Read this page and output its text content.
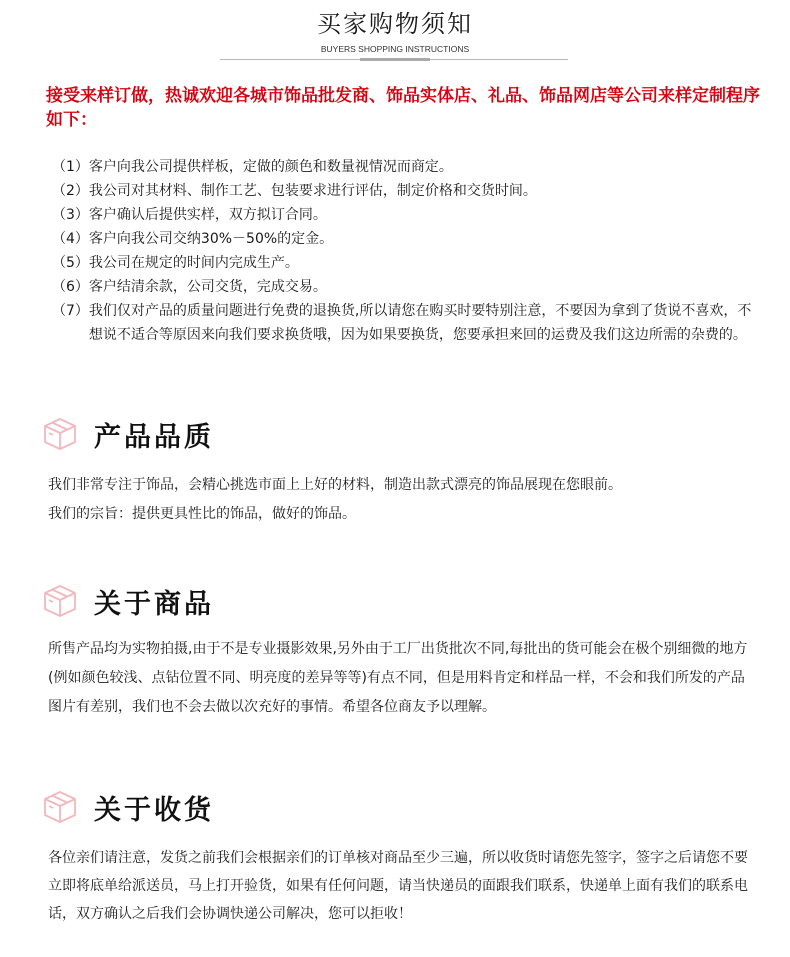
买家购物须知
BUYERS SHOPPING INSTRUCTIONS
接受来样订做，热诚欢迎各城市饰品批发商、饰品实体店、礼品、饰品网店等公司来样定制程序如下：
（1） 客户向我公司提供样板，定做的颜色和数量视情况而商定。
（2） 我公司对其材料、制作工艺、包装要求进行评估，制定价格和交货时间。
（3） 客户确认后提供实样，双方拟订合同。
（4） 客户向我公司交纳30%－50%的定金。
（5） 我公司在规定的时间内完成生产。
（6） 客户结清余款，公司交货，完成交易。
（7） 我们仅对产品的质量问题进行免费的退换货,所以请您在购买时要特别注意，不要因为拿到了货说不喜欢，不想说不适合等原因来向我们要求换货哦，因为如果要换货，您要承担来回的运费及我们这边所需的杂费的。
产品品质

我们非常专注于饰品，会精心挑选市面上上好的材料，制造出款式漂亮的饰品展现在您眼前。

我们的宗旨：提供更具性比的饰品，做好的饰品。

关于商品

所售产品均为实物拍摄,由于不是专业摄影效果,另外由于工厂出货批次不同,每批出的货可能会在极个别细微的地方(例如颜色较浅、点钻位置不同、明亮度的差异等等)有点不同，但是用料肯定和样品一样，不会和我们所发的产品图片有差别，我们也不会去做以次充好的事情。希望各位商友予以理解。

关于收货

各位亲们请注意，发货之前我们会根据亲们的订单核对商品至少三遍，所以收货时请您先签字，签字之后请您不要立即将底单给派送员，马上打开验货，如果有任何问题，请当快递员的面跟我们联系，快递单上面有我们的联系电话，双方确认之后我们会协调快递公司解决，您可以拒收！
